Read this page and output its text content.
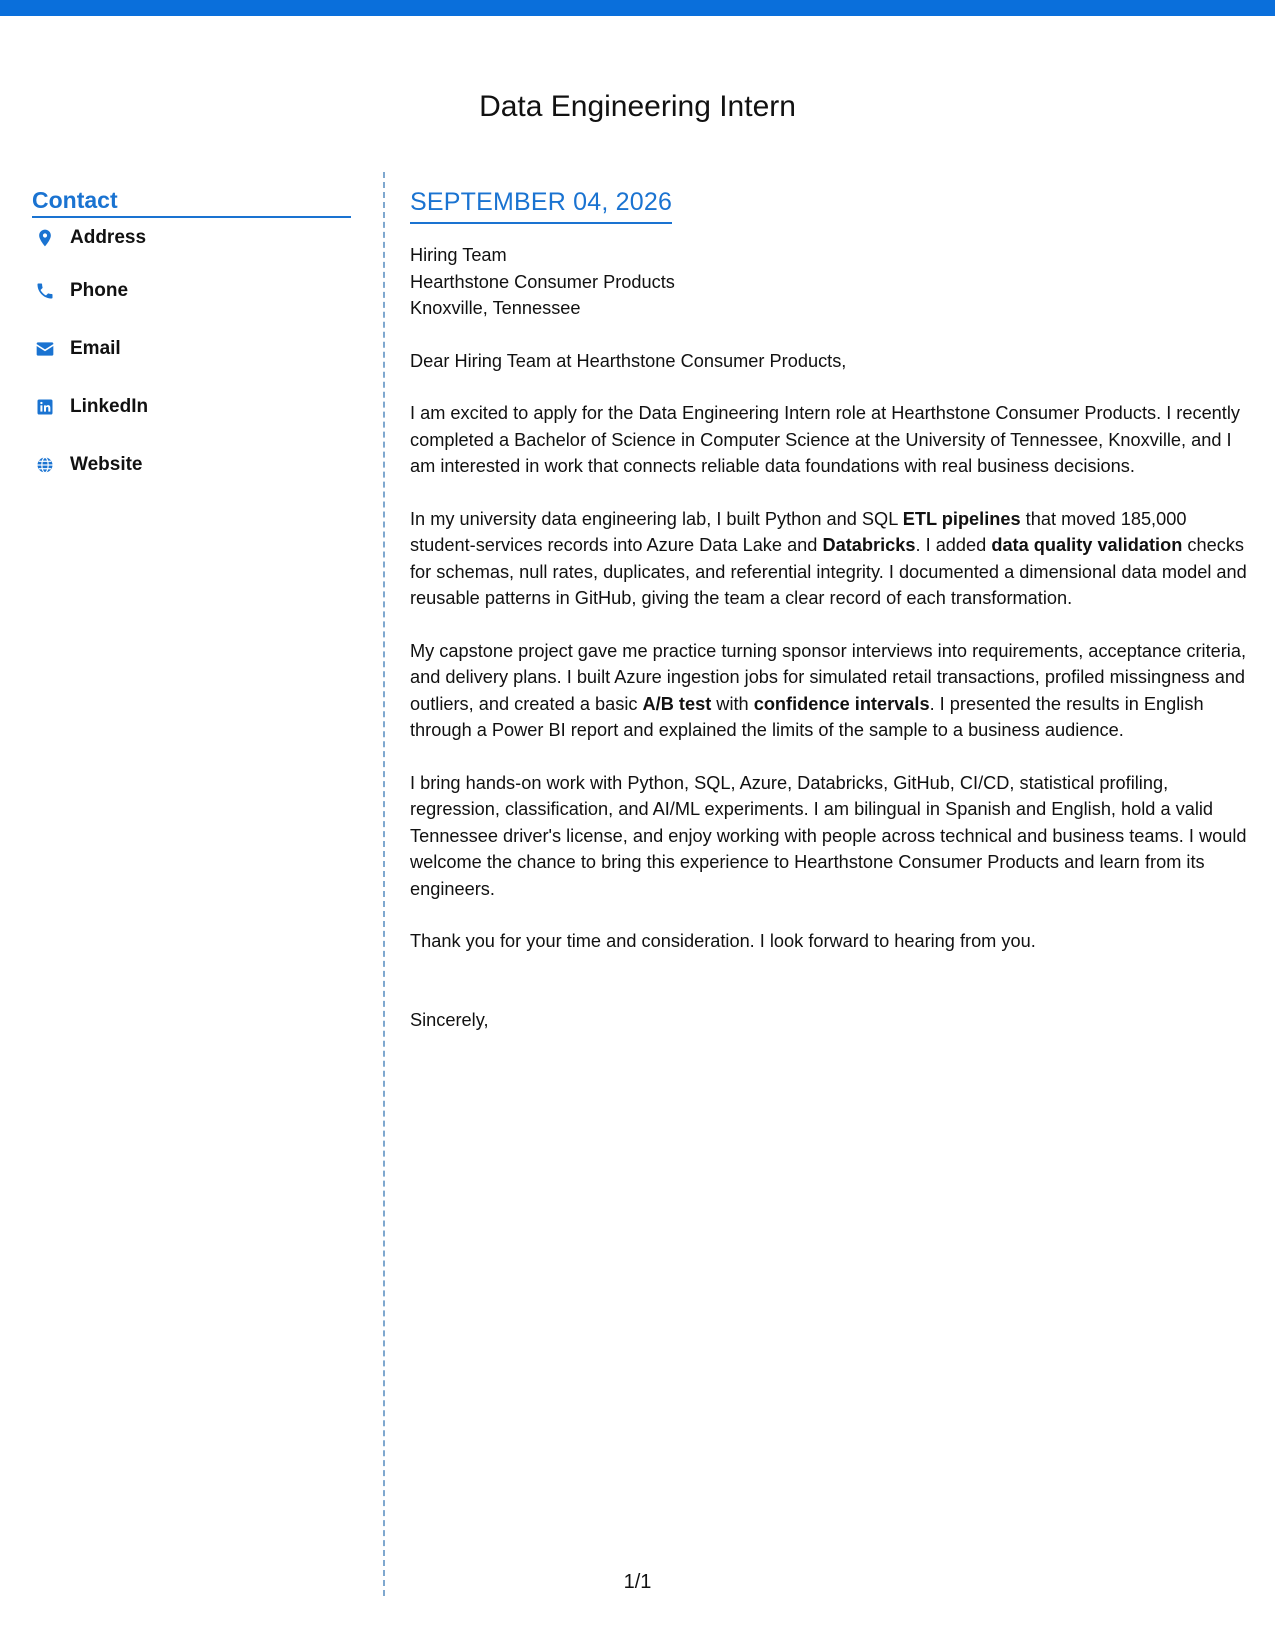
Data Engineering Intern
Contact
Address
Phone
Email
LinkedIn
Website
SEPTEMBER 04, 2026

Hiring Team

Hearthstone Consumer Products

Knoxville, Tennessee

Dear Hiring Team at Hearthstone Consumer Products,

I am excited to apply for the Data Engineering Intern role at Hearthstone Consumer Products. I recently completed a Bachelor of Science in Computer Science at the University of Tennessee, Knoxville, and I am interested in work that connects reliable data foundations with real business decisions.

In my university data engineering lab, I built Python and SQL ETL pipelines that moved 185,000 student-services records into Azure Data Lake and Databricks. I added data quality validation checks for schemas, null rates, duplicates, and referential integrity. I documented a dimensional data model and reusable patterns in GitHub, giving the team a clear record of each transformation.

My capstone project gave me practice turning sponsor interviews into requirements, acceptance criteria, and delivery plans. I built Azure ingestion jobs for simulated retail transactions, profiled missingness and outliers, and created a basic A/B test with confidence intervals. I presented the results in English through a Power BI report and explained the limits of the sample to a business audience.

I bring hands-on work with Python, SQL, Azure, Databricks, GitHub, CI/CD, statistical profiling, regression, classification, and AI/ML experiments. I am bilingual in Spanish and English, hold a valid Tennessee driver's license, and enjoy working with people across technical and business teams. I would welcome the chance to bring this experience to Hearthstone Consumer Products and learn from its engineers.

Thank you for your time and consideration. I look forward to hearing from you.

Sincerely,

1/1
